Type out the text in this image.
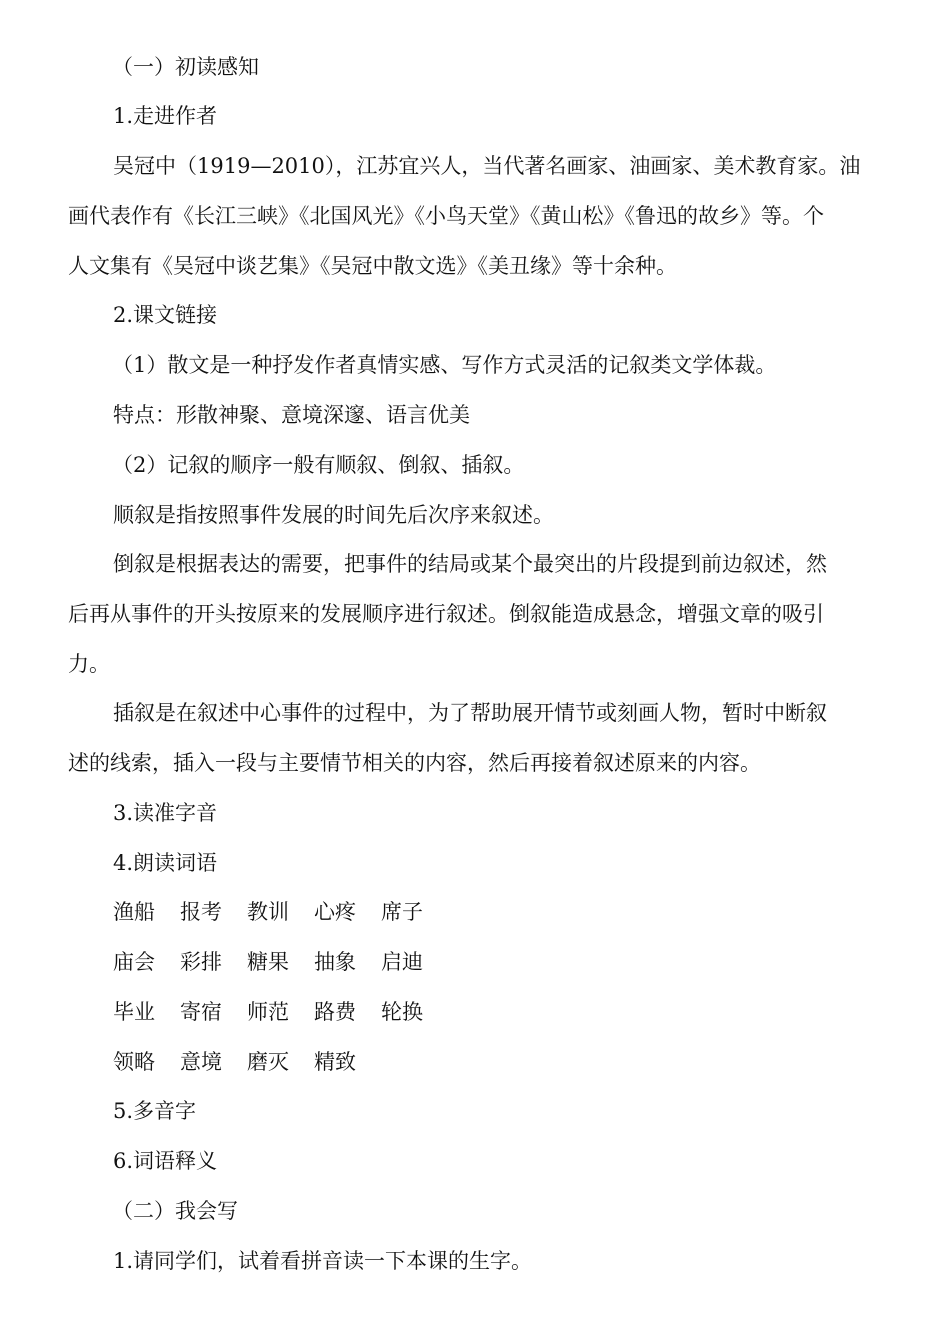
（一）初读感知
1.走进作者
吴冠中（1919—2010），江苏宜兴人，当代著名画家、油画家、美术教育家。油
画代表作有《长江三峡》《北国风光》《小鸟天堂》《黄山松》《鲁迅的故乡》等。个
人文集有《吴冠中谈艺集》《吴冠中散文选》《美丑缘》等十余种。
2.课文链接
（1）散文是一种抒发作者真情实感、写作方式灵活的记叙类文学体裁。
特点：形散神聚、意境深邃、语言优美
（2）记叙的顺序一般有顺叙、倒叙、插叙。
顺叙是指按照事件发展的时间先后次序来叙述。
倒叙是根据表达的需要，把事件的结局或某个最突出的片段提到前边叙述，然
后再从事件的开头按原来的发展顺序进行叙述。倒叙能造成悬念，增强文章的吸引
力。
插叙是在叙述中心事件的过程中，为了帮助展开情节或刻画人物，暂时中断叙
述的线索，插入一段与主要情节相关的内容，然后再接着叙述原来的内容。
3.读准字音
4.朗读词语
渔船 报考 教训 心疼 席子
庙会 彩排 糖果 抽象 启迪
毕业 寄宿 师范 路费 轮换
领略 意境 磨灭 精致
5.多音字
6.词语释义
（二）我会写
1.请同学们，试着看拼音读一下本课的生字。
